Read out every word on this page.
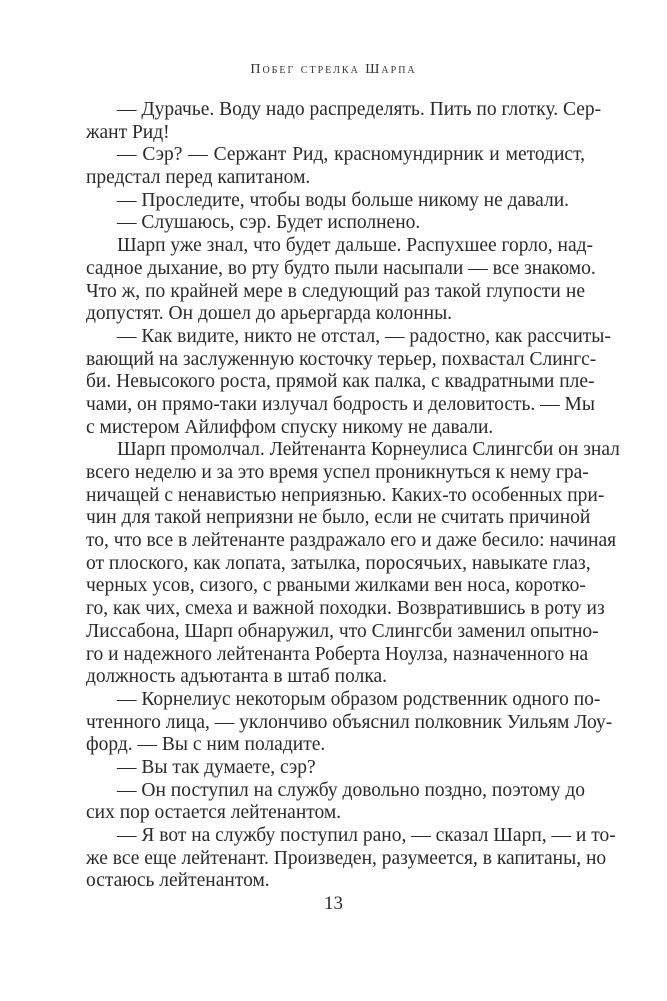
Побег стрелка Шарпа
— Дурачье. Воду надо распределять. Пить по глотку. Сер-
жант Рид!
— Сэр? — Сержант Рид, красномундирник и методист,
предстал перед капитаном.
— Проследите, чтобы воды больше никому не давали.
— Слушаюсь, сэр. Будет исполнено.
Шарп уже знал, что будет дальше. Распухшее горло, над-
садное дыхание, во рту будто пыли насыпали — все знакомо.
Что ж, по крайней мере в следующий раз такой глупости не
допустят. Он дошел до арьергарда колонны.
— Как видите, никто не отстал, — радостно, как рассчиты-
вающий на заслуженную косточку терьер, похвастал Слингс-
би. Невысокого роста, прямой как палка, с квадратными пле-
чами, он прямо-таки излучал бодрость и деловитость. — Мы
с мистером Айлиффом спуску никому не давали.
Шарп промолчал. Лейтенанта Корнеулиса Слингсби он знал
всего неделю и за это время успел проникнуться к нему гра-
ничащей с ненавистью неприязнью. Каких-то особенных при-
чин для такой неприязни не было, если не считать причиной
то, что все в лейтенанте раздражало его и даже бесило: начиная
от плоского, как лопата, затылка, поросячьих, навыкате глаз,
черных усов, сизого, с рваными жилками вен носа, коротко-
го, как чих, смеха и важной походки. Возвратившись в роту из
Лиссабона, Шарп обнаружил, что Слингсби заменил опытно-
го и надежного лейтенанта Роберта Ноулза, назначенного на
должность адъютанта в штаб полка.
— Корнелиус некоторым образом родственник одного по-
чтенного лица, — уклончиво объяснил полковник Уильям Лоу-
форд. — Вы с ним поладите.
— Вы так думаете, сэр?
— Он поступил на службу довольно поздно, поэтому до
сих пор остается лейтенантом.
— Я вот на службу поступил рано, — сказал Шарп, — и то-
же все еще лейтенант. Произведен, разумеется, в капитаны, но
остаюсь лейтенантом.
13
